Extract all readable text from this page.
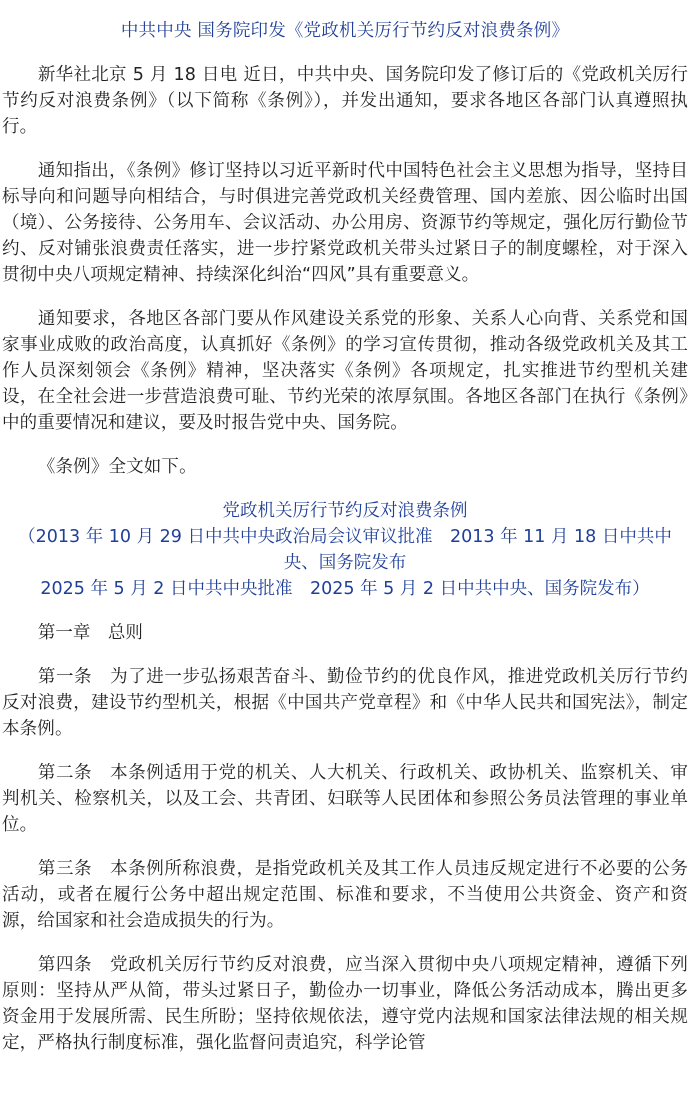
中共中央 国务院印发《党政机关厉行节约反对浪费条例》

新华社北京 5 月 18 日电 近日，中共中央、国务院印发了修订后的《党政机关厉行节约反对浪费条例》（以下简称《条例》），并发出通知，要求各地区各部门认真遵照执行。

通知指出，《条例》修订坚持以习近平新时代中国特色社会主义思想为指导，坚持目标导向和问题导向相结合，与时俱进完善党政机关经费管理、国内差旅、因公临时出国（境）、公务接待、公务用车、会议活动、办公用房、资源节约等规定，强化厉行勤俭节约、反对铺张浪费责任落实，进一步拧紧党政机关带头过紧日子的制度螺栓，对于深入贯彻中央八项规定精神、持续深化纠治“四风”具有重要意义。

通知要求，各地区各部门要从作风建设关系党的形象、关系人心向背、关系党和国家事业成败的政治高度，认真抓好《条例》的学习宣传贯彻，推动各级党政机关及其工作人员深刻领会《条例》精神，坚决落实《条例》各项规定，扎实推进节约型机关建设，在全社会进一步营造浪费可耻、节约光荣的浓厚氛围。各地区各部门在执行《条例》中的重要情况和建议，要及时报告党中央、国务院。

《条例》全文如下。

党政机关厉行节约反对浪费条例

（2013 年 10 月 29 日中共中央政治局会议审议批准　2013 年 11 月 18 日中共中央、国务院发布

2025 年 5 月 2 日中共中央批准　2025 年 5 月 2 日中共中央、国务院发布）

第一章　总则

第一条　为了进一步弘扬艰苦奋斗、勤俭节约的优良作风，推进党政机关厉行节约反对浪费，建设节约型机关，根据《中国共产党章程》和《中华人民共和国宪法》，制定本条例。

第二条　本条例适用于党的机关、人大机关、行政机关、政协机关、监察机关、审判机关、检察机关，以及工会、共青团、妇联等人民团体和参照公务员法管理的事业单位。

第三条　本条例所称浪费，是指党政机关及其工作人员违反规定进行不必要的公务活动，或者在履行公务中超出规定范围、标准和要求，不当使用公共资金、资产和资源，给国家和社会造成损失的行为。

第四条　党政机关厉行节约反对浪费，应当深入贯彻中央八项规定精神，遵循下列原则：坚持从严从简，带头过紧日子，勤俭办一切事业，降低公务活动成本，腾出更多资金用于发展所需、民生所盼；坚持依规依法，遵守党内法规和国家法律法规的相关规定，严格执行制度标准，强化监督问责追究，科学论管
